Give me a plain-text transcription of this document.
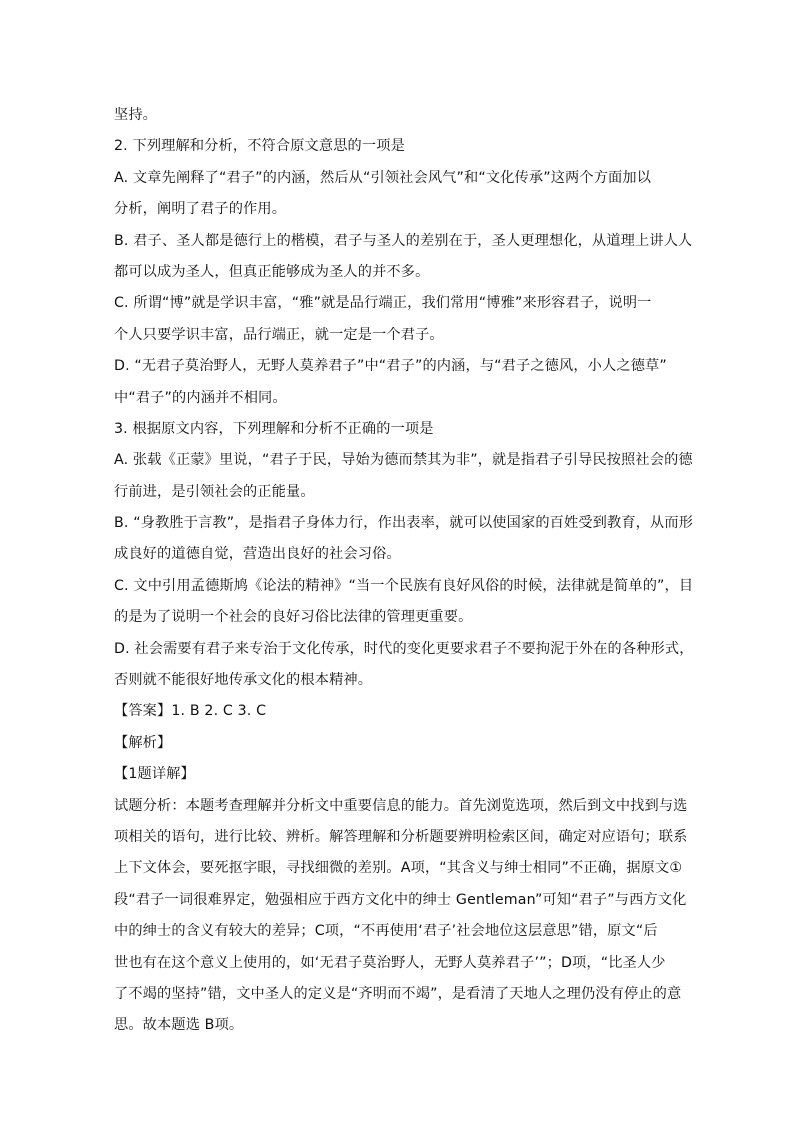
坚持。
2. 下列理解和分析，不符合原文意思的一项是
A. 文章先阐释了“君子”的内涵，然后从“引领社会风气”和“文化传承”这两个方面加以
分析，阐明了君子的作用。
B. 君子、圣人都是德行上的楷模，君子与圣人的差别在于，圣人更理想化，从道理上讲人人
都可以成为圣人，但真正能够成为圣人的并不多。
C. 所谓“博”就是学识丰富，“雅”就是品行端正，我们常用“博雅”来形容君子，说明一
个人只要学识丰富，品行端正，就一定是一个君子。
D. “无君子莫治野人，无野人莫养君子”中“君子”的内涵，与“君子之德风，小人之德草”
中“君子”的内涵并不相同。
3. 根据原文内容，下列理解和分析不正确的一项是
A. 张载《正蒙》里说，“君子于民，导始为德而禁其为非”，就是指君子引导民按照社会的德
行前进，是引领社会的正能量。
B. “身教胜于言教”，是指君子身体力行，作出表率，就可以使国家的百姓受到教育，从而形
成良好的道德自觉，营造出良好的社会习俗。
C. 文中引用孟德斯鸠《论法的精神》“当一个民族有良好风俗的时候，法律就是简单的”，目
的是为了说明一个社会的良好习俗比法律的管理更重要。
D. 社会需要有君子来专治于文化传承，时代的变化更要求君子不要拘泥于外在的各种形式，
否则就不能很好地传承文化的根本精神。
【答案】1. B 2. C 3. C
【解析】
【1题详解】
试题分析：本题考查理解并分析文中重要信息的能力。首先浏览选项，然后到文中找到与选
项相关的语句，进行比较、辨析。解答理解和分析题要辨明检索区间，确定对应语句；联系
上下文体会，要死抠字眼，寻找细微的差别。A项，“其含义与绅士相同”不正确，据原文①
段“君子一词很难界定，勉强相应于西方文化中的绅士 Gentleman”可知“君子”与西方文化
中的绅士的含义有较大的差异；C项，“不再使用‘君子’社会地位这层意思”错，原文“后
世也有在这个意义上使用的，如‘无君子莫治野人，无野人莫养君子’”；D项，“比圣人少
了不竭的坚持”错，文中圣人的定义是“齐明而不竭”，是看清了天地人之理仍没有停止的意
思。故本题选 B项。
